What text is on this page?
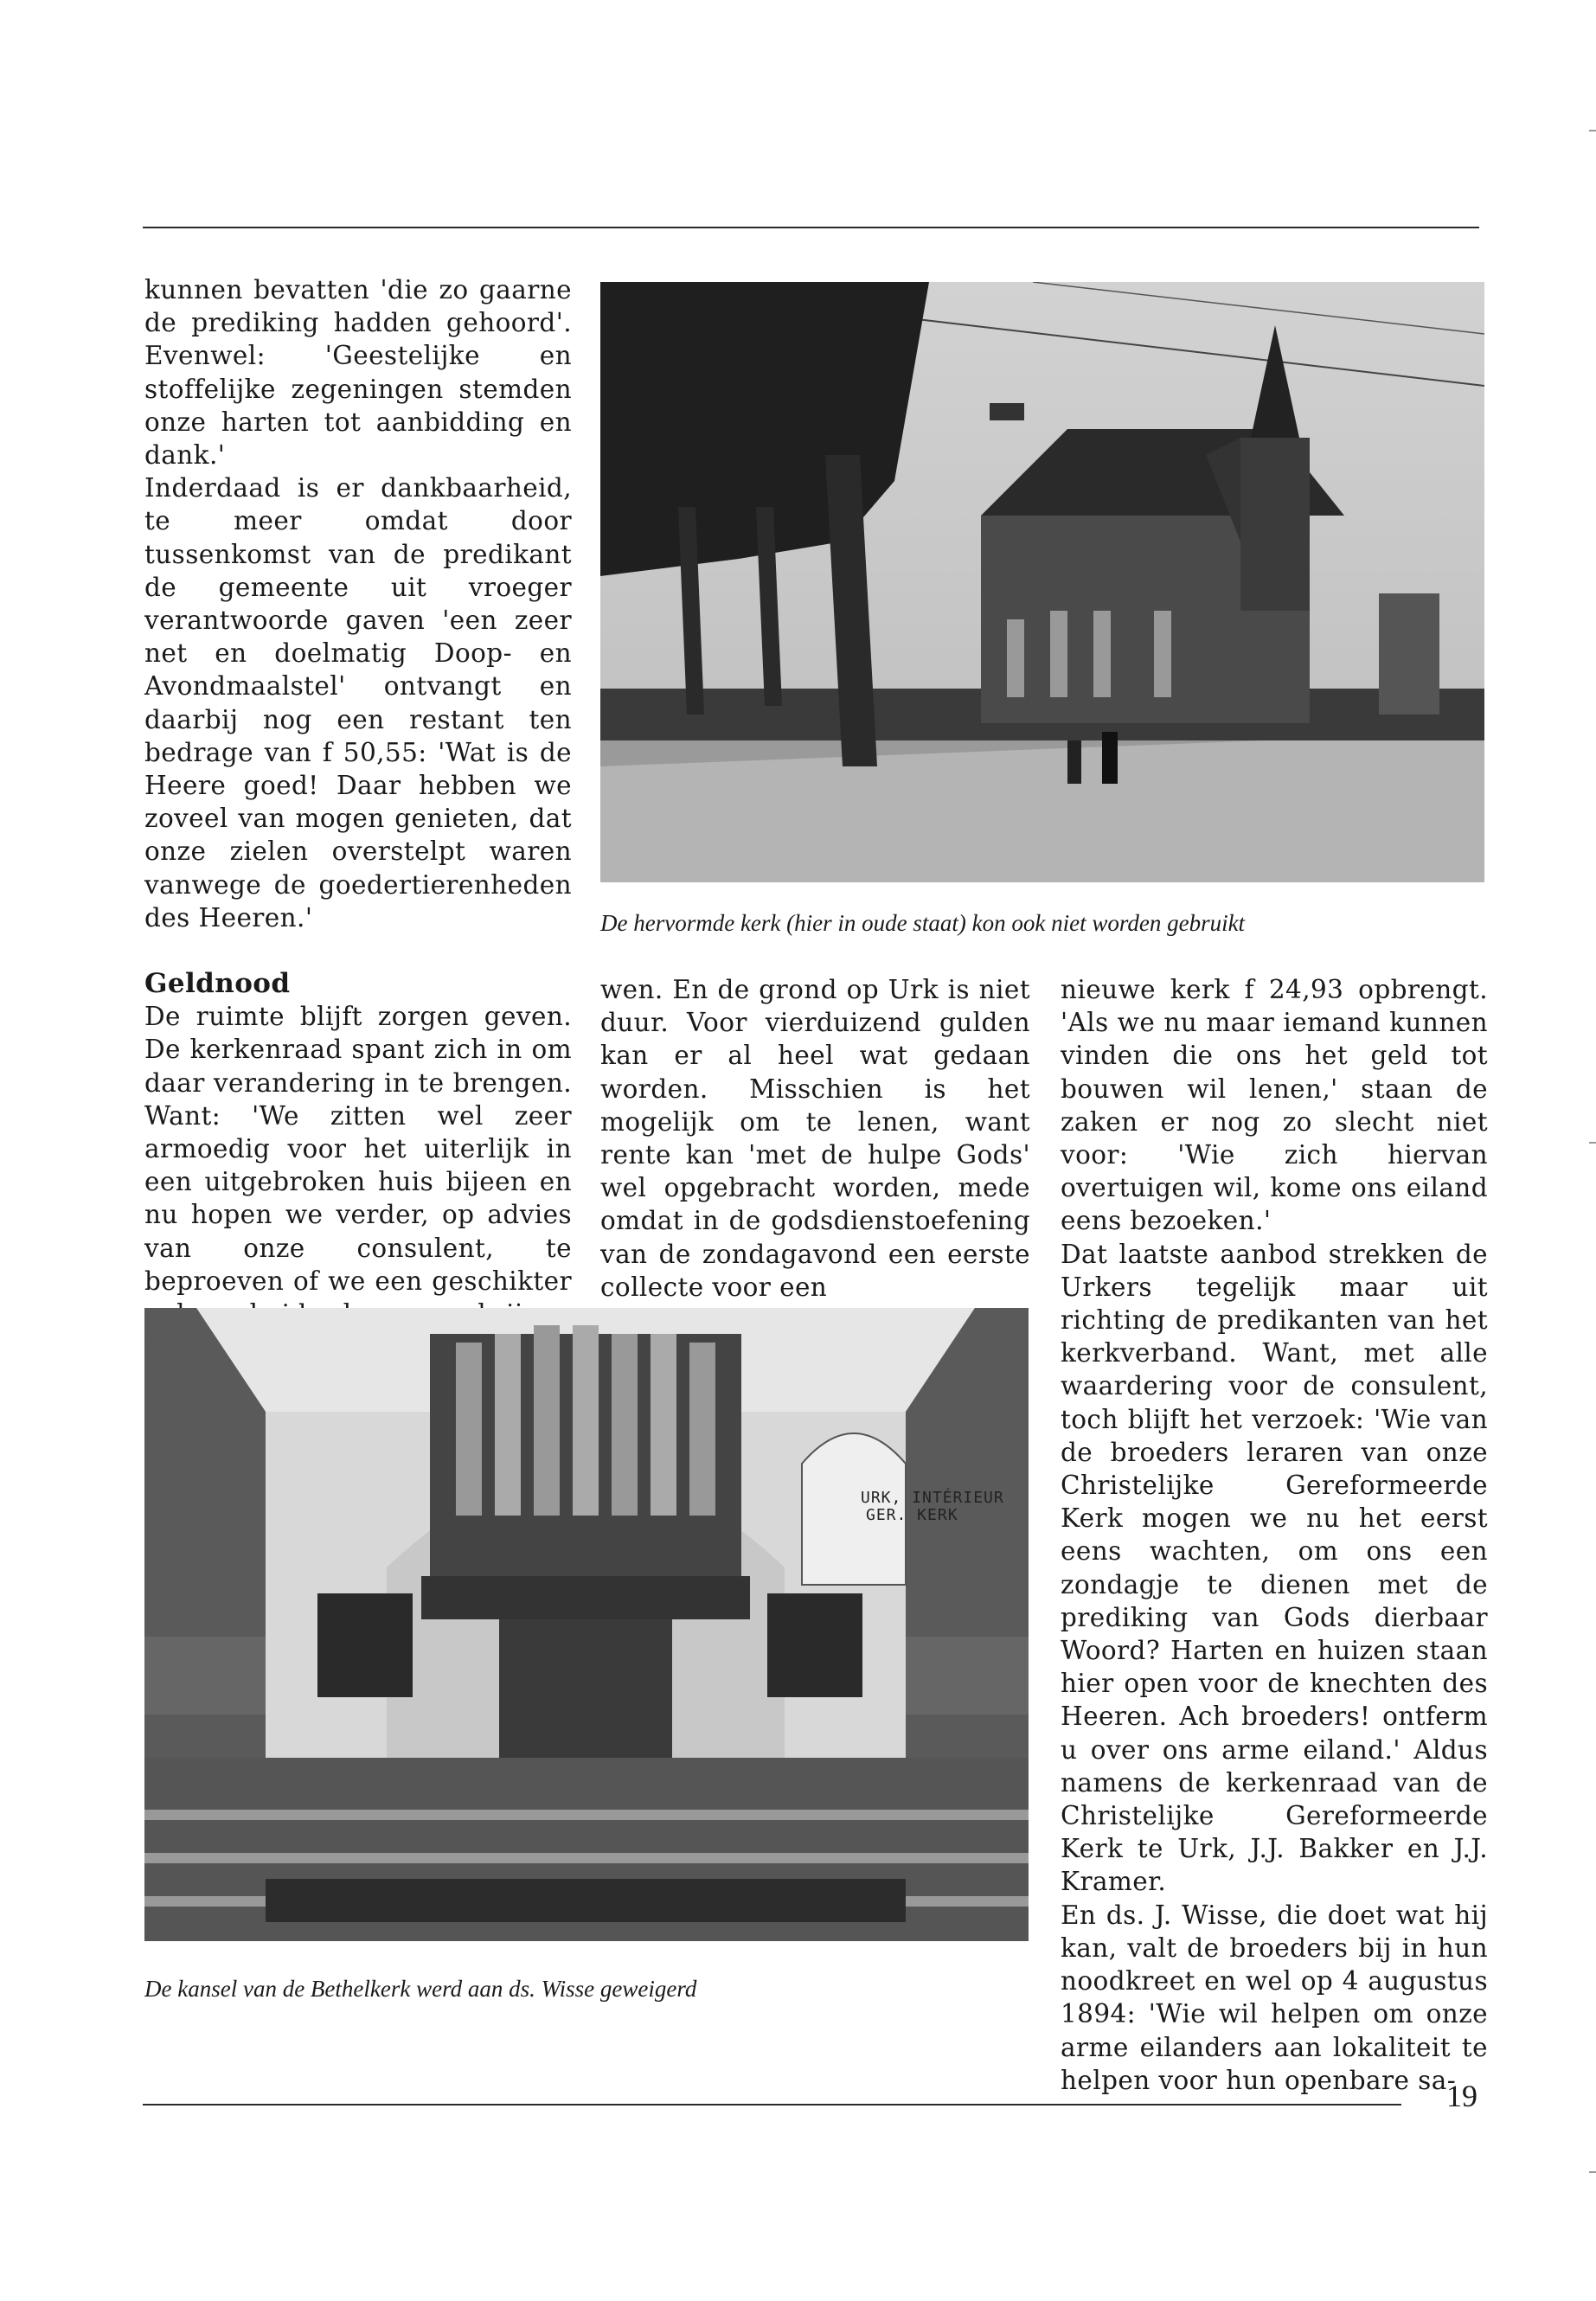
kunnen bevatten 'die zo gaarne de prediking hadden gehoord'. Evenwel: 'Geestelijke en stoffelijke zegeningen stemden onze harten tot aanbidding en dank.'

Inderdaad is er dankbaarheid, te meer omdat door tussenkomst van de predikant de gemeente uit vroeger verantwoorde gaven 'een zeer net en doelmatig Doop- en Avondmaalstel' ontvangt en daarbij nog een restant ten bedrage van f 50,55: 'Wat is de Heere goed! Daar hebben we zoveel van mogen genieten, dat onze zielen overstelpt waren vanwege de goedertierenheden des Heeren.'

Geldnood

De ruimte blijft zorgen geven. De kerkenraad spant zich in om daar verandering in te brengen. Want: 'We zitten wel zeer armoedig voor het uiterlijk in een uitgebroken huis bijeen en nu hopen we verder, op advies van onze consulent, te beproeven of we een geschikter

De hervormde kerk (hier in oude staat) kon ook niet worden gebruikt

wen. En de grond op Urk is niet duur. Voor vierduizend gulden kan er al heel wat gedaan worden. Misschien is het mogelijk om te lenen, want rente kan 'met de hulpe Gods' wel opgebracht worden, mede omdat in de godsdienstoefening van de zondagavond een eerste collecte voor een

nieuwe kerk f 24,93 opbrengt. 'Als we nu maar iemand kunnen vinden die ons het geld tot bouwen wil lenen,' staan de zaken er nog zo slecht niet voor: 'Wie zich hiervan overtuigen wil, kome ons eiland eens bezoeken.'

Dat laatste aanbod strekken de Urkers tegelijk maar uit richting de predikanten van het kerkverband. Want, met alle waardering voor de consulent, toch blijft het verzoek: 'Wie van de broeders leraren van onze Christelijke Gereformeerde Kerk mogen we nu het eerst eens wachten, om ons een zondagje te dienen met de prediking van Gods dierbaar Woord? Harten en huizen staan hier open voor de knechten des Heeren. Ach broeders! ontferm u over ons arme eiland.' Aldus namens de kerkenraad van de Christelijke Gereformeerde Kerk te Urk, J.J. Bakker en J.J. Kramer.

En ds. J. Wisse, die doet wat hij kan, valt de broeders bij in hun noodkreet en wel op 4 augustus 1894: 'Wie wil helpen om onze arme eilanders aan lokaliteit te helpen voor hun openbare sa-

URK, INTÉRIEUR
GER. KERK
De kansel van de Bethelkerk werd aan ds. Wisse geweigerd
19
